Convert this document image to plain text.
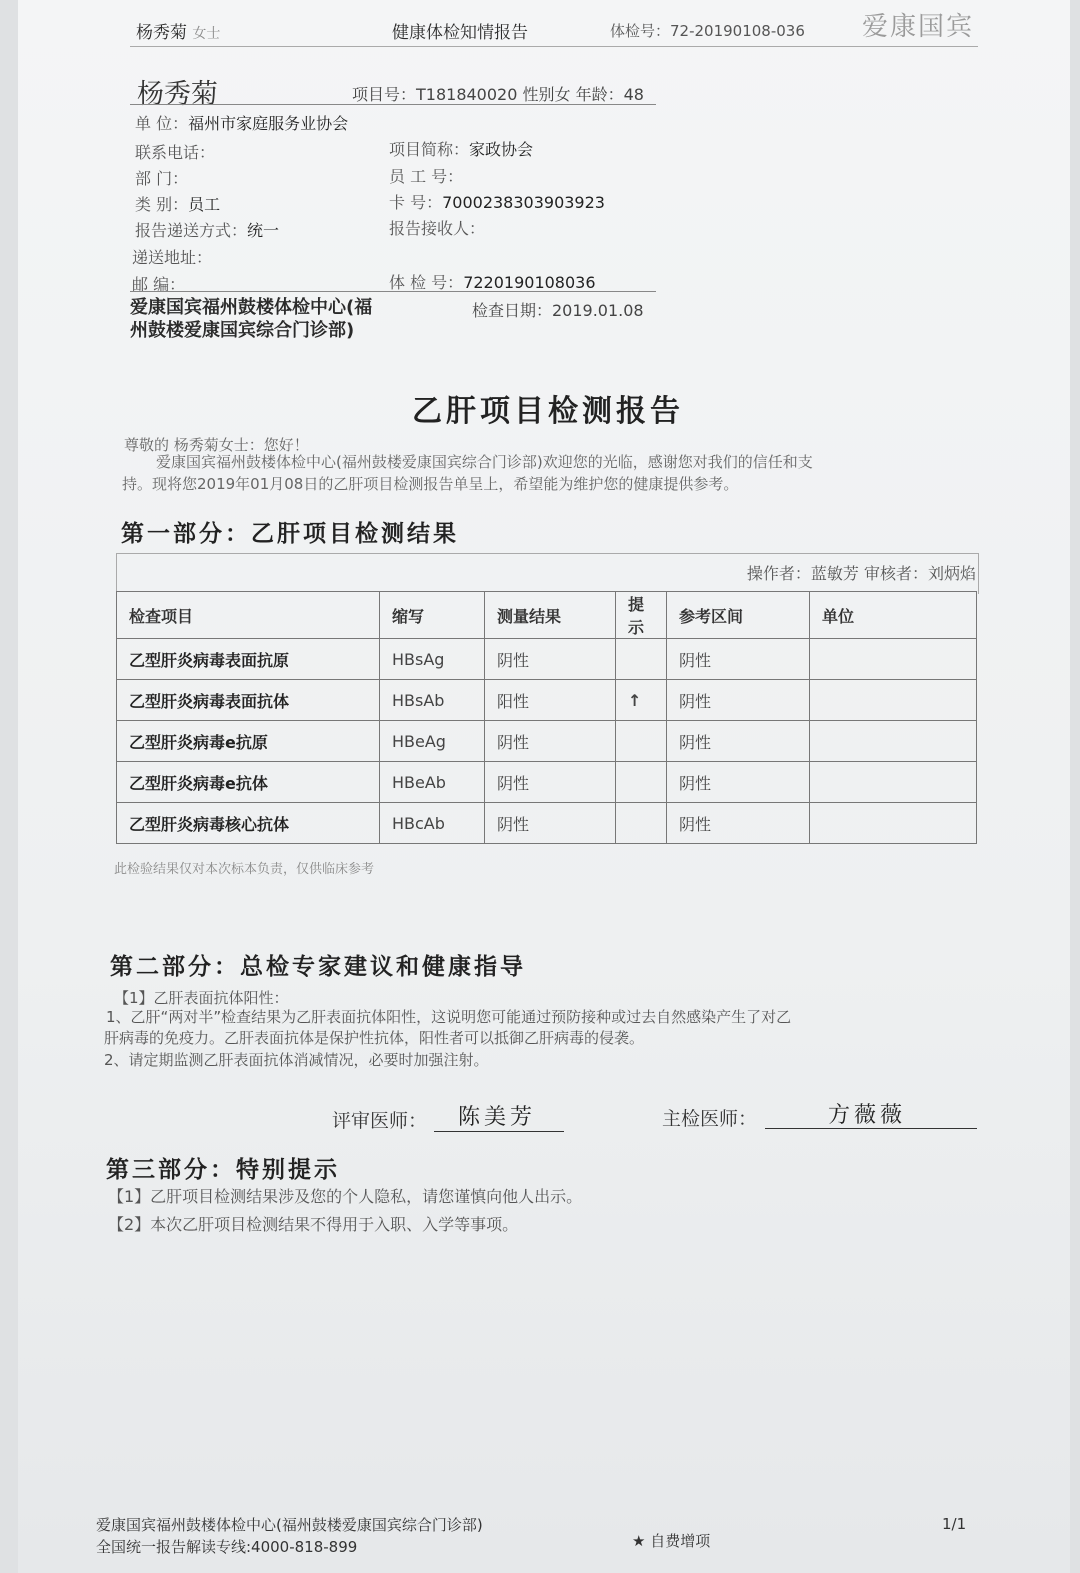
杨秀菊 女士	健康体检知情报告	体检号：72-20190108-036 爱康国宾
杨秀菊	项目号：T181840020 性别女 年龄：48
单 位：福州市家庭服务业协会
联系电话：
部 门：
类 别：员工
报告递送方式：统一
递送地址：
邮 编：
项目简称：家政协会
员 工 号：
卡 号：7000238303903923
报告接收人：
体 检 号：7220190108036
爱康国宾福州鼓楼体检中心(福州鼓楼爱康国宾综合门诊部)
检查日期：2019.01.08
乙肝项目检测报告
尊敬的 杨秀菊女士：您好！
爱康国宾福州鼓楼体检中心(福州鼓楼爱康国宾综合门诊部)欢迎您的光临，感谢您对我们的信任和支
持。现将您2019年01月08日的乙肝项目检测报告单呈上，希望能为维护您的健康提供参考。
第一部分：乙肝项目检测结果
操作者：蓝敏芳 审核者：刘炳焰
检查项目	缩写	测量结果	提示	参考区间	单位
乙型肝炎病毒表面抗原	HBsAg	阴性		阴性	
乙型肝炎病毒表面抗体	HBsAb	阳性	↑	阴性	
乙型肝炎病毒e抗原	HBeAg	阴性		阴性	
乙型肝炎病毒e抗体	HBeAb	阴性		阴性	
乙型肝炎病毒核心抗体	HBcAb	阴性		阴性	
此检验结果仅对本次标本负责，仅供临床参考
第二部分：总检专家建议和健康指导
【1】乙肝表面抗体阳性：
1、乙肝“两对半”检查结果为乙肝表面抗体阳性，这说明您可能通过预防接种或过去自然感染产生了对乙
肝病毒的免疫力。乙肝表面抗体是保护性抗体，阳性者可以抵御乙肝病毒的侵袭。
2、请定期监测乙肝表面抗体消减情况，必要时加强注射。
评审医师： 陈美芳	主检医师：	方薇薇
第三部分：特别提示
【1】乙肝项目检测结果涉及您的个人隐私，请您谨慎向他人出示。
【2】本次乙肝项目检测结果不得用于入职、入学等事项。
爱康国宾福州鼓楼体检中心(福州鼓楼爱康国宾综合门诊部)
全国统一报告解读专线:4000-818-899	★ 自费增项
1/1
